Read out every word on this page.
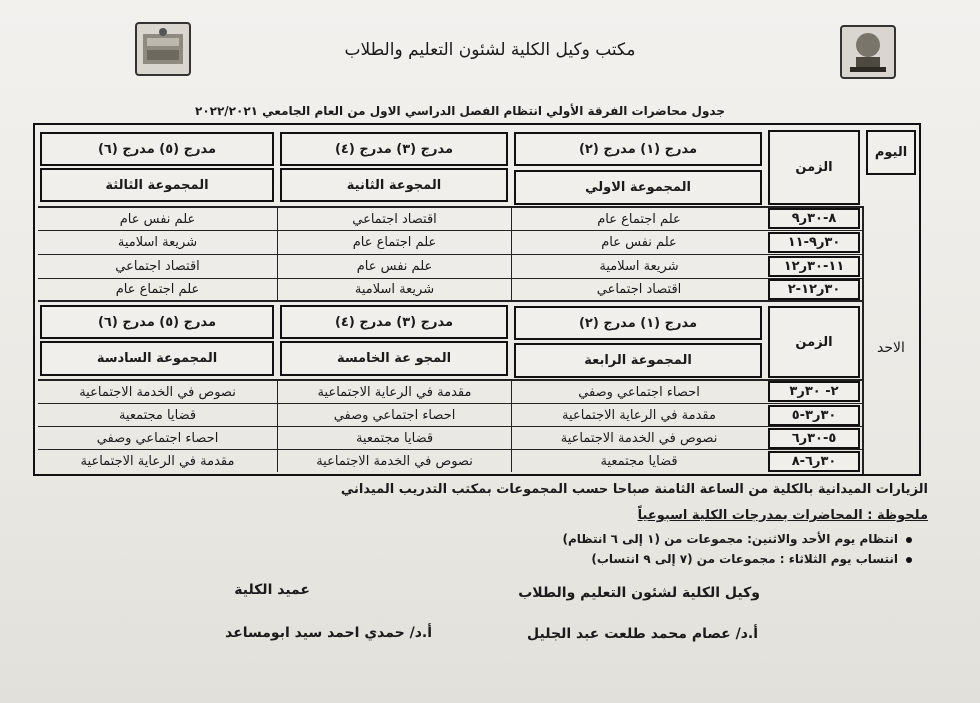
مكتب وكيل الكلية لشئون التعليم والطلاب
جدول محاضرات الفرقة الأولي انتظام الفصل الدراسي الاول من العام الجامعي ٢٠٢٢/٢٠٢١
اليوم
الزمن
الزمن
مدرج (١) مدرج (٢)
مدرج (٣) مدرج (٤)
مدرج (٥) مدرج (٦)
المجموعة الاولي
المجوعة الثانية
المجموعة الثالثة
٨-٣٠ر٩
٣٠ر٩-١١
١١-٣٠ر١٢
٣٠ر١٢-٢
علم اجتماع عام
اقتصاد اجتماعي
علم نفس عام
علم نفس عام
علم اجتماع عام
شريعة اسلامية
شريعة اسلامية
علم نفس عام
اقتصاد اجتماعي
اقتصاد اجتماعي
شريعة اسلامية
علم اجتماع عام
مدرج (١) مدرج (٢)
مدرج (٣) مدرج (٤)
مدرج (٥) مدرج (٦)
المجموعة الرابعة
المجو عة الخامسة
المجموعة السادسة
٢- ٣٠ر٣
٣٠ر٣-٥
٥-٣٠ر٦
٣٠ر٦-٨
احصاء اجتماعي وصفي
مقدمة في الرعاية الاجتماعية
نصوص في الخدمة الاجتماعية
مقدمة في الرعاية الاجتماعية
احصاء اجتماعي وصفي
قضايا مجتمعية
نصوص في الخدمة الاجتماعية
قضايا مجتمعية
احصاء اجتماعي وصفي
قضايا مجتمعية
نصوص في الخدمة الاجتماعية
مقدمة في الرعاية الاجتماعية
الاحد
الزيارات الميدانية بالكلية من الساعة الثامنة صباحا حسب المجموعات بمكتب التدريب الميداني
ملحوظة : المحاضرات بمدرجات الكلية اسبوعياً
انتظام يوم الأحد والاثنين: مجموعات من (١ إلى ٦ انتظام)
انتساب يوم الثلاثاء : مجموعات من (٧ إلى ٩ انتساب)
وكيل الكلية لشئون التعليم والطلاب
أ.د/ عصام محمد طلعت عبد الجليل
عميد الكلية
أ.د/ حمدي احمد سيد ابومساعد
